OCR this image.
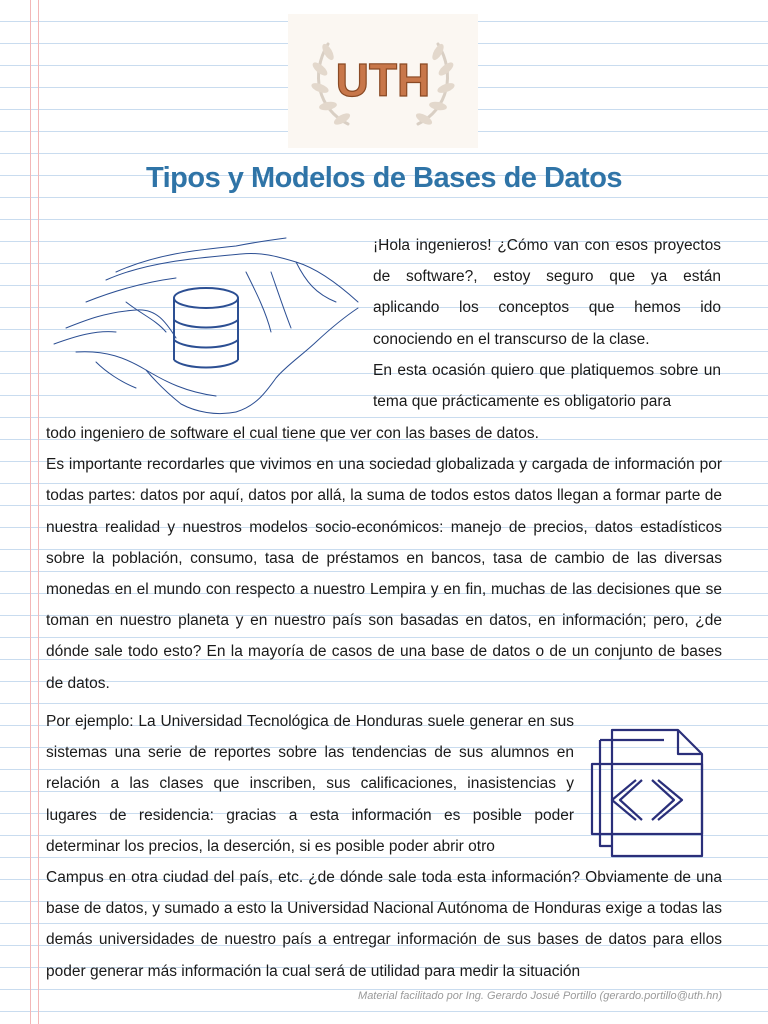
UTH
Tipos y Modelos de Bases de Datos

¡Hola ingenieros! ¿Cómo van con esos proyectos de software?, estoy seguro que ya están aplicando los conceptos que hemos ido conociendo en el transcurso de la clase.

En esta ocasión quiero que platiquemos sobre un tema que prácticamente es obligatorio para

todo ingeniero de software el cual tiene que ver con las bases de datos.

Es importante recordarles que vivimos en una sociedad globalizada y cargada de información por todas partes: datos por aquí, datos por allá, la suma de todos estos datos llegan a formar parte de nuestra realidad y nuestros modelos socio-económicos: manejo de precios, datos estadísticos sobre la población, consumo, tasa de préstamos en bancos, tasa de cambio de las diversas monedas en el mundo con respecto a nuestro Lempira y en fin, muchas de las decisiones que se toman en nuestro planeta y en nuestro país son basadas en datos, en información; pero, ¿de dónde sale todo esto? En la mayoría de casos de una base de datos o de un conjunto de bases de datos.

Por ejemplo: La Universidad Tecnológica de Honduras suele generar en sus sistemas una serie de reportes sobre las tendencias de sus alumnos en relación a las clases que inscriben, sus calificaciones, inasistencias y lugares de residencia: gracias a esta información es posible poder determinar los precios, la deserción, si es posible poder abrir otro

Campus en otra ciudad del país, etc. ¿de dónde sale toda esta información? Obviamente de una base de datos, y sumado a esto la Universidad Nacional Autónoma de Honduras exige a todas las demás universidades de nuestro país a entregar información de sus bases de datos para ellos poder generar más información la cual será de utilidad para medir la situación

Material facilitado por Ing. Gerardo Josué Portillo (gerardo.portillo@uth.hn)
